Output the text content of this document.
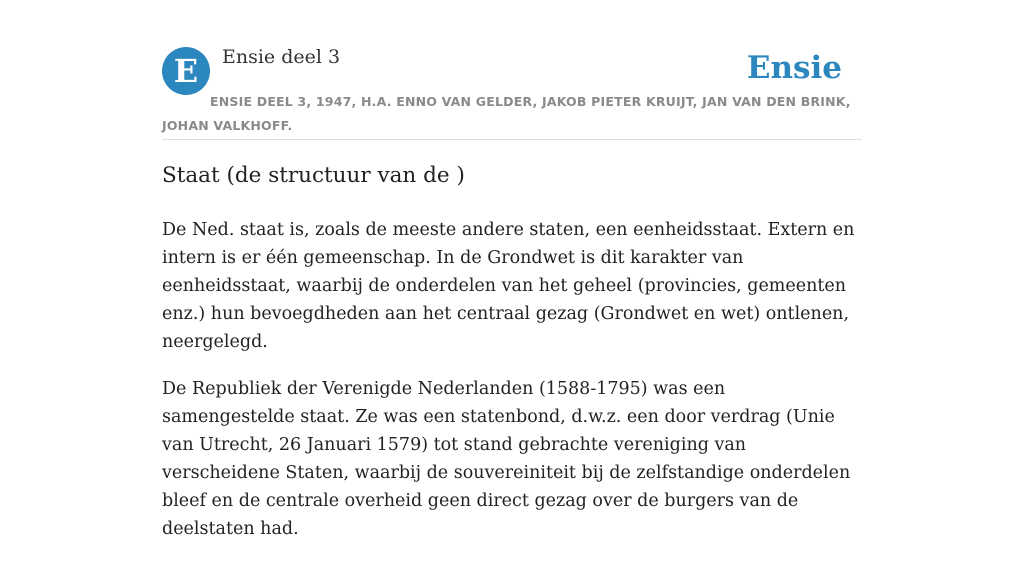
E	Ensie deel 3	Ensie
ENSIE DEEL 3, 1947, H.A. ENNO VAN GELDER, JAKOB PIETER KRUIJT, JAN VAN DEN BRINK, JOHAN VALKHOFF.
Staat (de structuur van de )

De Ned. staat is, zoals de meeste andere staten, een eenheidsstaat. Extern en intern is er één gemeenschap. In de Grondwet is dit karakter van eenheidsstaat, waarbij de onderdelen van het geheel (provincies, gemeenten enz.) hun bevoegdheden aan het centraal gezag (Grondwet en wet) ontlenen, neergelegd.

De Republiek der Verenigde Nederlanden (1588-1795) was een samengestelde staat. Ze was een statenbond, d.w.z. een door verdrag (Unie van Utrecht, 26 Januari 1579) tot stand gebrachte vereniging van verscheidene Staten, waarbij de souvereiniteit bij de zelfstandige onderdelen bleef en de centrale overheid geen direct gezag over de burgers van de deelstaten had.
